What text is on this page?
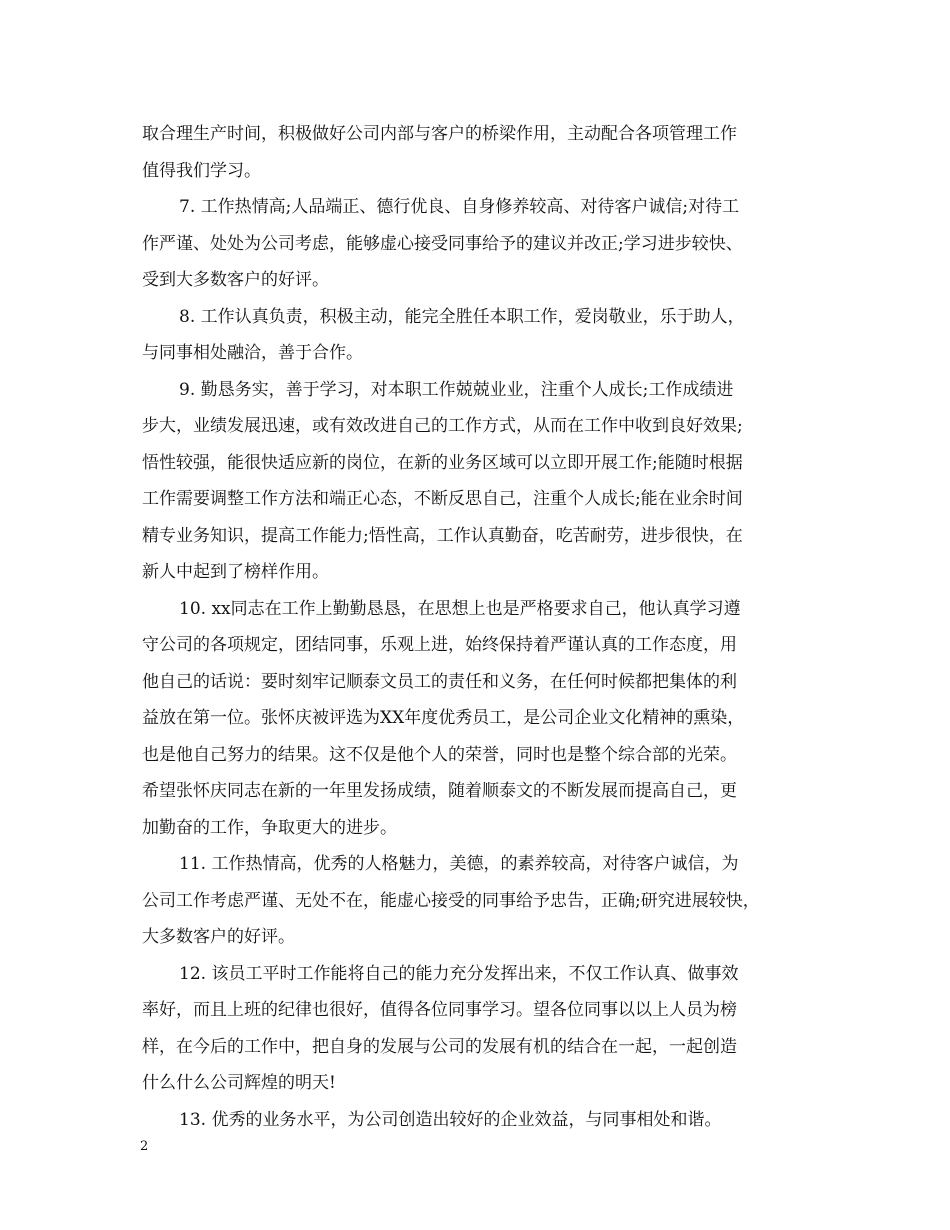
取合理生产时间，积极做好公司内部与客户的桥梁作用，主动配合各项管理工作
值得我们学习。
7. 工作热情高;人品端正、德行优良、自身修养较高、对待客户诚信;对待工
作严谨、处处为公司考虑，能够虚心接受同事给予的建议并改正;学习进步较快、
受到大多数客户的好评。
8. 工作认真负责，积极主动，能完全胜任本职工作，爱岗敬业，乐于助人，
与同事相处融洽，善于合作。
9. 勤恳务实，善于学习，对本职工作兢兢业业，注重个人成长;工作成绩进
步大，业绩发展迅速，或有效改进自己的工作方式，从而在工作中收到良好效果;
悟性较强，能很快适应新的岗位，在新的业务区域可以立即开展工作;能随时根据
工作需要调整工作方法和端正心态，不断反思自己，注重个人成长;能在业余时间
精专业务知识，提高工作能力;悟性高，工作认真勤奋，吃苦耐劳，进步很快，在
新人中起到了榜样作用。
10. xx同志在工作上勤勤恳恳，在思想上也是严格要求自己，他认真学习遵
守公司的各项规定，团结同事，乐观上进，始终保持着严谨认真的工作态度，用
他自己的话说：要时刻牢记顺泰文员工的责任和义务，在任何时候都把集体的利
益放在第一位。张怀庆被评选为XX年度优秀员工，是公司企业文化精神的熏染，
也是他自己努力的结果。这不仅是他个人的荣誉，同时也是整个综合部的光荣。
希望张怀庆同志在新的一年里发扬成绩，随着顺泰文的不断发展而提高自己，更
加勤奋的工作，争取更大的进步。
11. 工作热情高，优秀的人格魅力，美德，的素养较高，对待客户诚信，为
公司工作考虑严谨、无处不在，能虚心接受的同事给予忠告，正确;研究进展较快，
大多数客户的好评。
12. 该员工平时工作能将自己的能力充分发挥出来，不仅工作认真、做事效
率好，而且上班的纪律也很好，值得各位同事学习。望各位同事以以上人员为榜
样，在今后的工作中，把自身的发展与公司的发展有机的结合在一起，一起创造
什么什么公司辉煌的明天!
13. 优秀的业务水平，为公司创造出较好的企业效益，与同事相处和谐。
2
